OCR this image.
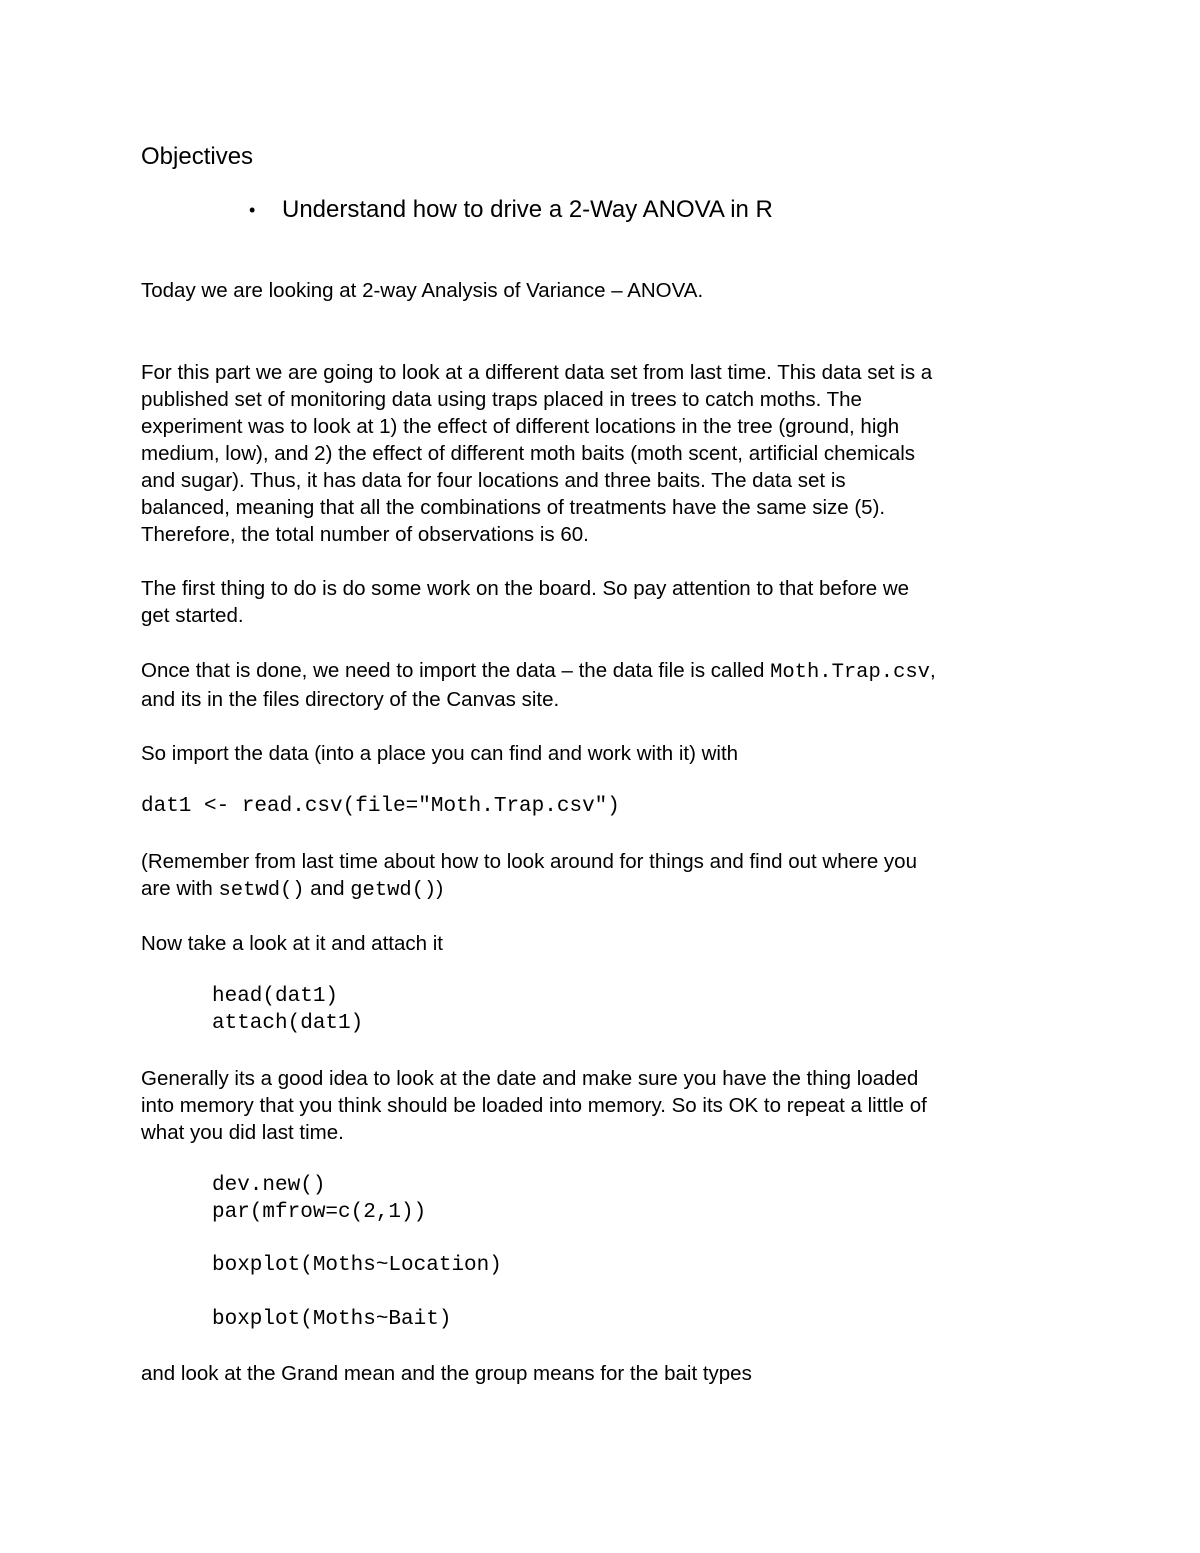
Objectives
• Understand how to drive a 2-Way ANOVA in R

Today we are looking at 2-way Analysis of Variance – ANOVA.

For this part we are going to look at a different data set from last time. This data set is a
published set of monitoring data using traps placed in trees to catch moths. The
experiment was to look at 1) the effect of different locations in the tree (ground, high
medium, low), and 2) the effect of different moth baits (moth scent, artificial chemicals
and sugar). Thus, it has data for four locations and three baits. The data set is
balanced, meaning that all the combinations of treatments have the same size (5).
Therefore, the total number of observations is 60.

The first thing to do is do some work on the board. So pay attention to that before we
get started.

Once that is done, we need to import the data – the data file is called Moth.Trap.csv,
and its in the files directory of the Canvas site.

So import the data (into a place you can find and work with it) with

dat1 <- read.csv(file="Moth.Trap.csv")

(Remember from last time about how to look around for things and find out where you
are with setwd() and getwd())

Now take a look at it and attach it

head(dat1)
attach(dat1)

Generally its a good idea to look at the date and make sure you have the thing loaded
into memory that you think should be loaded into memory. So its OK to repeat a little of
what you did last time.

dev.new()
par(mfrow=c(2,1))
boxplot(Moths~Location)
boxplot(Moths~Bait)

and look at the Grand mean and the group means for the bait types
